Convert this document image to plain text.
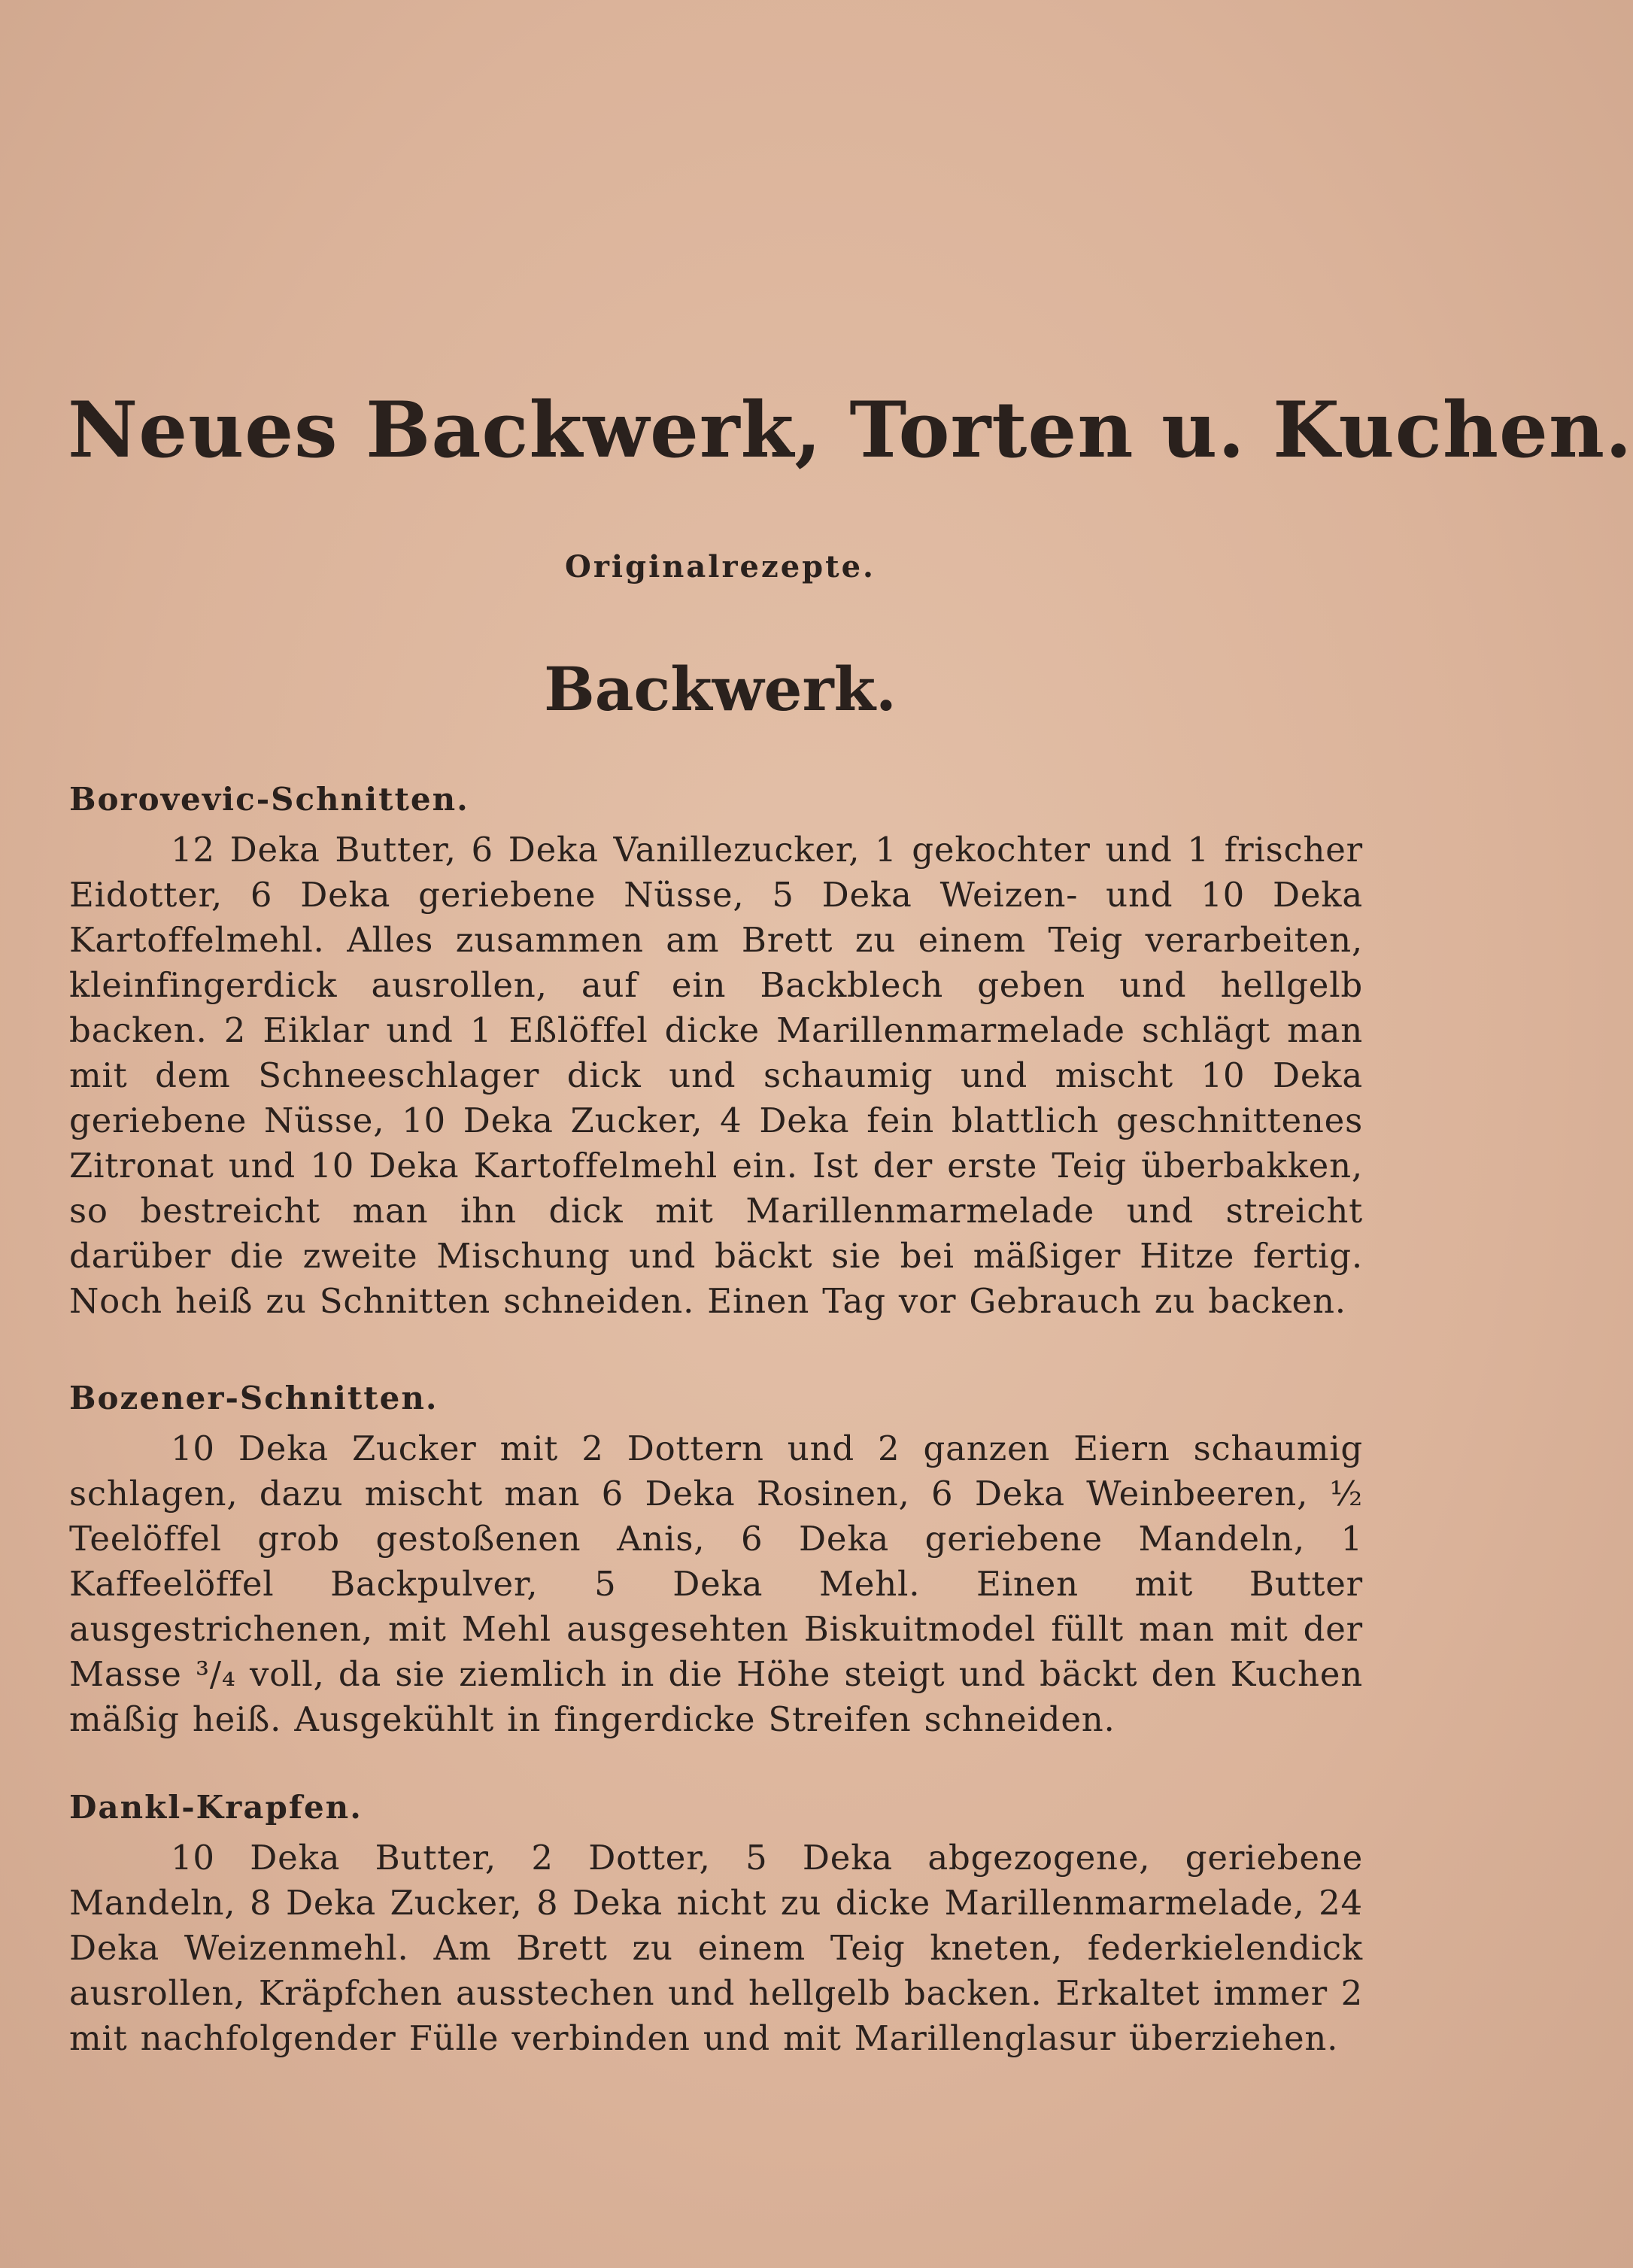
Neues Backwerk, Torten u. Kuchen.
Originalrezepte.
Backwerk.
Borovevic-Schnitten.

12 Deka Butter, 6 Deka Vanillezucker, 1 gekochter und 1 frischer Eidotter, 6 Deka geriebene Nüsse, 5 Deka Weizen- und 10 Deka Kartoffelmehl. Alles zusammen am Brett zu einem Teig verarbeiten, kleinfingerdick ausrollen, auf ein Backblech geben und hellgelb backen. 2 Eiklar und 1 Eßlöffel dicke Marillenmarmelade schlägt man mit dem Schneeschlager dick und schaumig und mischt 10 Deka geriebene Nüsse, 10 Deka Zucker, 4 Deka fein blattlich geschnittenes Zitronat und 10 Deka Kartoffelmehl ein. Ist der erste Teig überbakken, so bestreicht man ihn dick mit Marillenmarmelade und streicht darüber die zweite Mischung und bäckt sie bei mäßiger Hitze fertig. Noch heiß zu Schnitten schneiden. Einen Tag vor Gebrauch zu backen.

Bozener-Schnitten.

10 Deka Zucker mit 2 Dottern und 2 ganzen Eiern schaumig schlagen, dazu mischt man 6 Deka Rosinen, 6 Deka Weinbeeren, ½ Teelöffel grob gestoßenen Anis, 6 Deka geriebene Mandeln, 1 Kaffeelöffel Backpulver, 5 Deka Mehl. Einen mit Butter ausgestrichenen, mit Mehl ausgesehten Biskuitmodel füllt man mit der Masse ³/₄ voll, da sie ziemlich in die Höhe steigt und bäckt den Kuchen mäßig heiß. Ausgekühlt in fingerdicke Streifen schneiden.

Dankl-Krapfen.

10 Deka Butter, 2 Dotter, 5 Deka abgezogene, geriebene Mandeln, 8 Deka Zucker, 8 Deka nicht zu dicke Marillenmarmelade, 24 Deka Weizenmehl. Am Brett zu einem Teig kneten, federkielendick ausrollen, Kräpfchen ausstechen und hellgelb backen. Erkaltet immer 2 mit nachfolgender Fülle verbinden und mit Marillenglasur überziehen.
